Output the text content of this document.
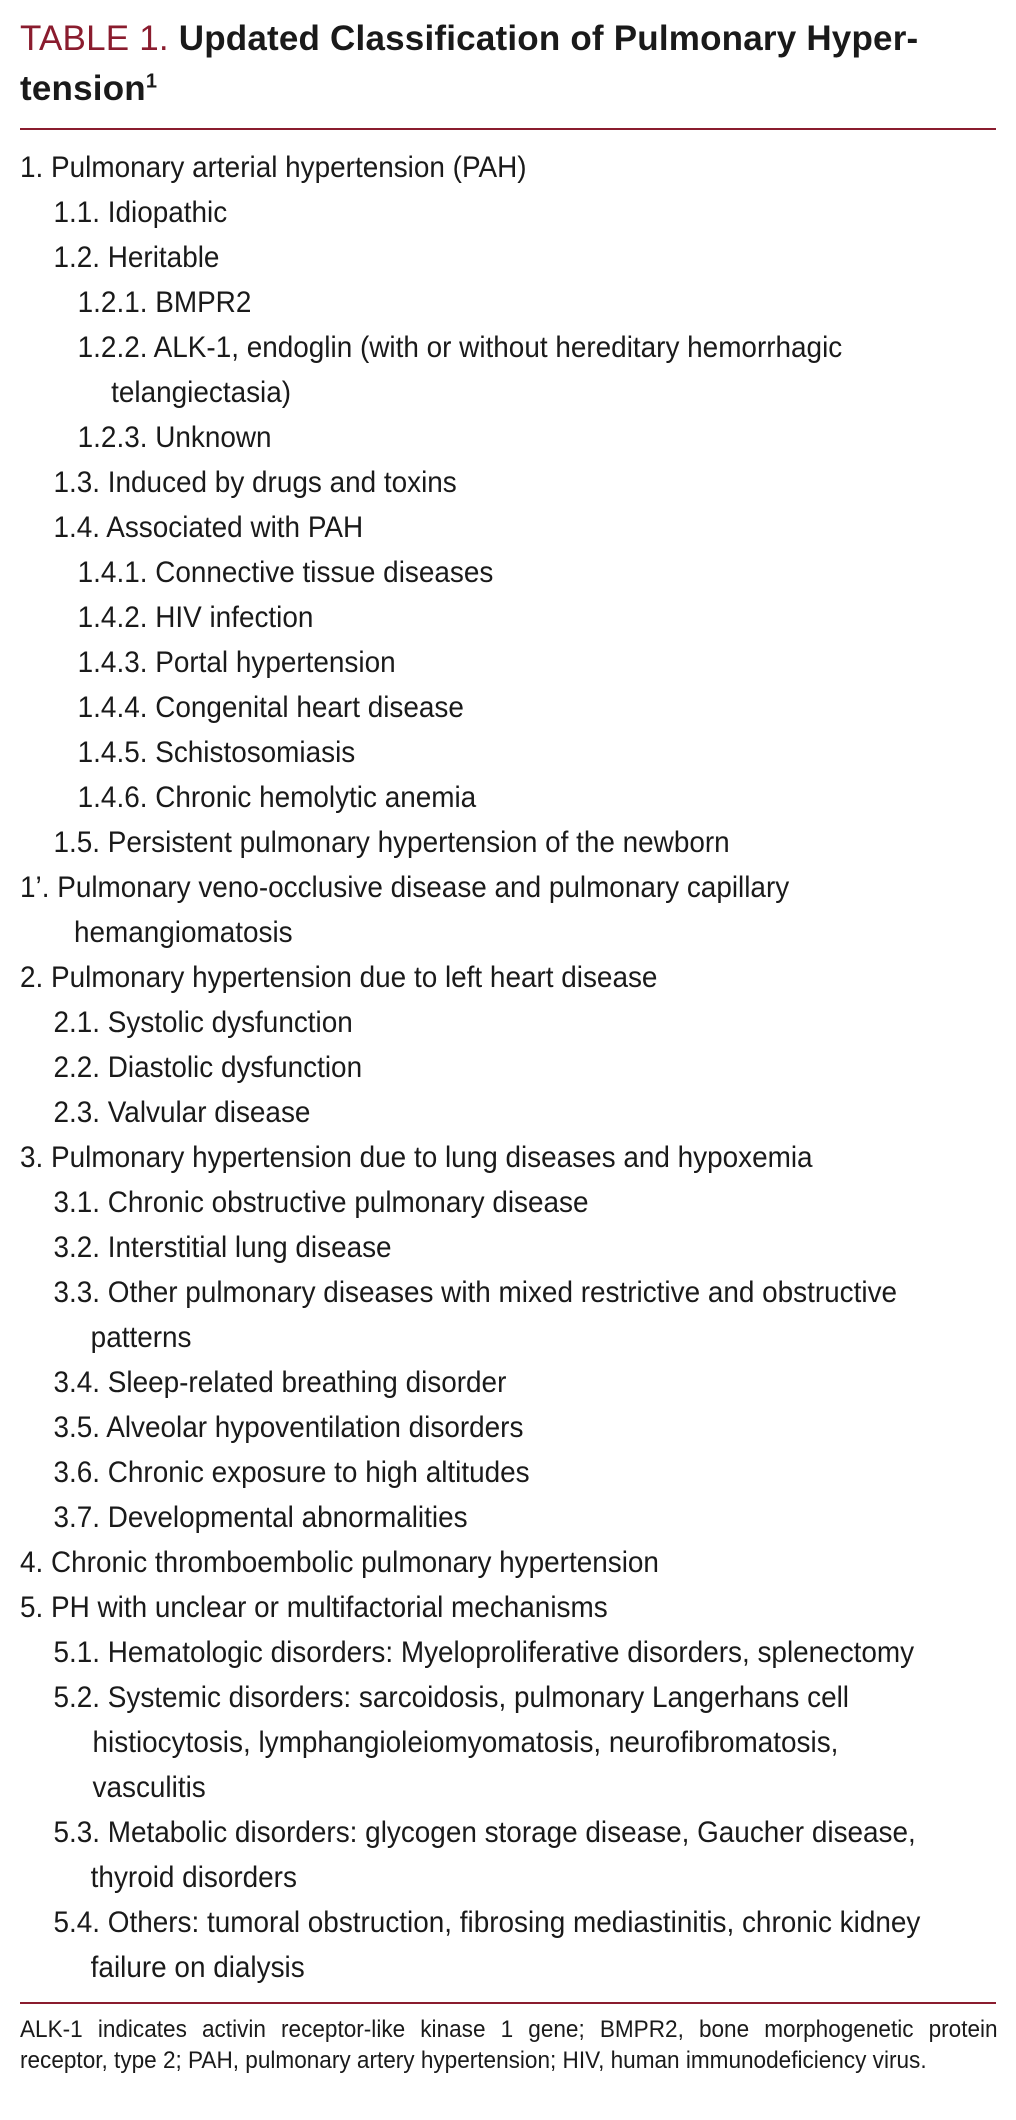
TABLE 1. Updated Classification of Pulmonary Hyper-tension$^1$
1. Pulmonary arterial hypertension (PAH)
1.1. Idiopathic
1.2. Heritable
1.2.1. BMPR2
1.2.2. ALK-1, endoglin (with or without hereditary hemorrhagic telangiectasia)
1.2.3. Unknown
1.3. Induced by drugs and toxins
1.4. Associated with PAH
1.4.1. Connective tissue diseases
1.4.2. HIV infection
1.4.3. Portal hypertension
1.4.4. Congenital heart disease
1.4.5. Schistosomiasis
1.4.6. Chronic hemolytic anemia
1.5. Persistent pulmonary hypertension of the newborn
1’. Pulmonary veno-occlusive disease and pulmonary capillary hemangiomatosis
2. Pulmonary hypertension due to left heart disease
2.1. Systolic dysfunction
2.2. Diastolic dysfunction
2.3. Valvular disease
3. Pulmonary hypertension due to lung diseases and hypoxemia
3.1. Chronic obstructive pulmonary disease
3.2. Interstitial lung disease
3.3. Other pulmonary diseases with mixed restrictive and obstructive patterns
3.4. Sleep-related breathing disorder
3.5. Alveolar hypoventilation disorders
3.6. Chronic exposure to high altitudes
3.7. Developmental abnormalities
4. Chronic thromboembolic pulmonary hypertension
5. PH with unclear or multifactorial mechanisms
5.1. Hematologic disorders: Myeloproliferative disorders, splenectomy
5.2. Systemic disorders: sarcoidosis, pulmonary Langerhans cell histiocytosis, lymphangioleiomyomatosis, neurofibromatosis, vasculitis
5.3. Metabolic disorders: glycogen storage disease, Gaucher disease, thyroid disorders
5.4. Others: tumoral obstruction, fibrosing mediastinitis, chronic kidney failure on dialysis

ALK-1 indicates activin receptor-like kinase 1 gene; BMPR2, bone morphogenetic protein receptor, type 2; PAH, pulmonary artery hypertension; HIV, human immunodeficiency virus.
